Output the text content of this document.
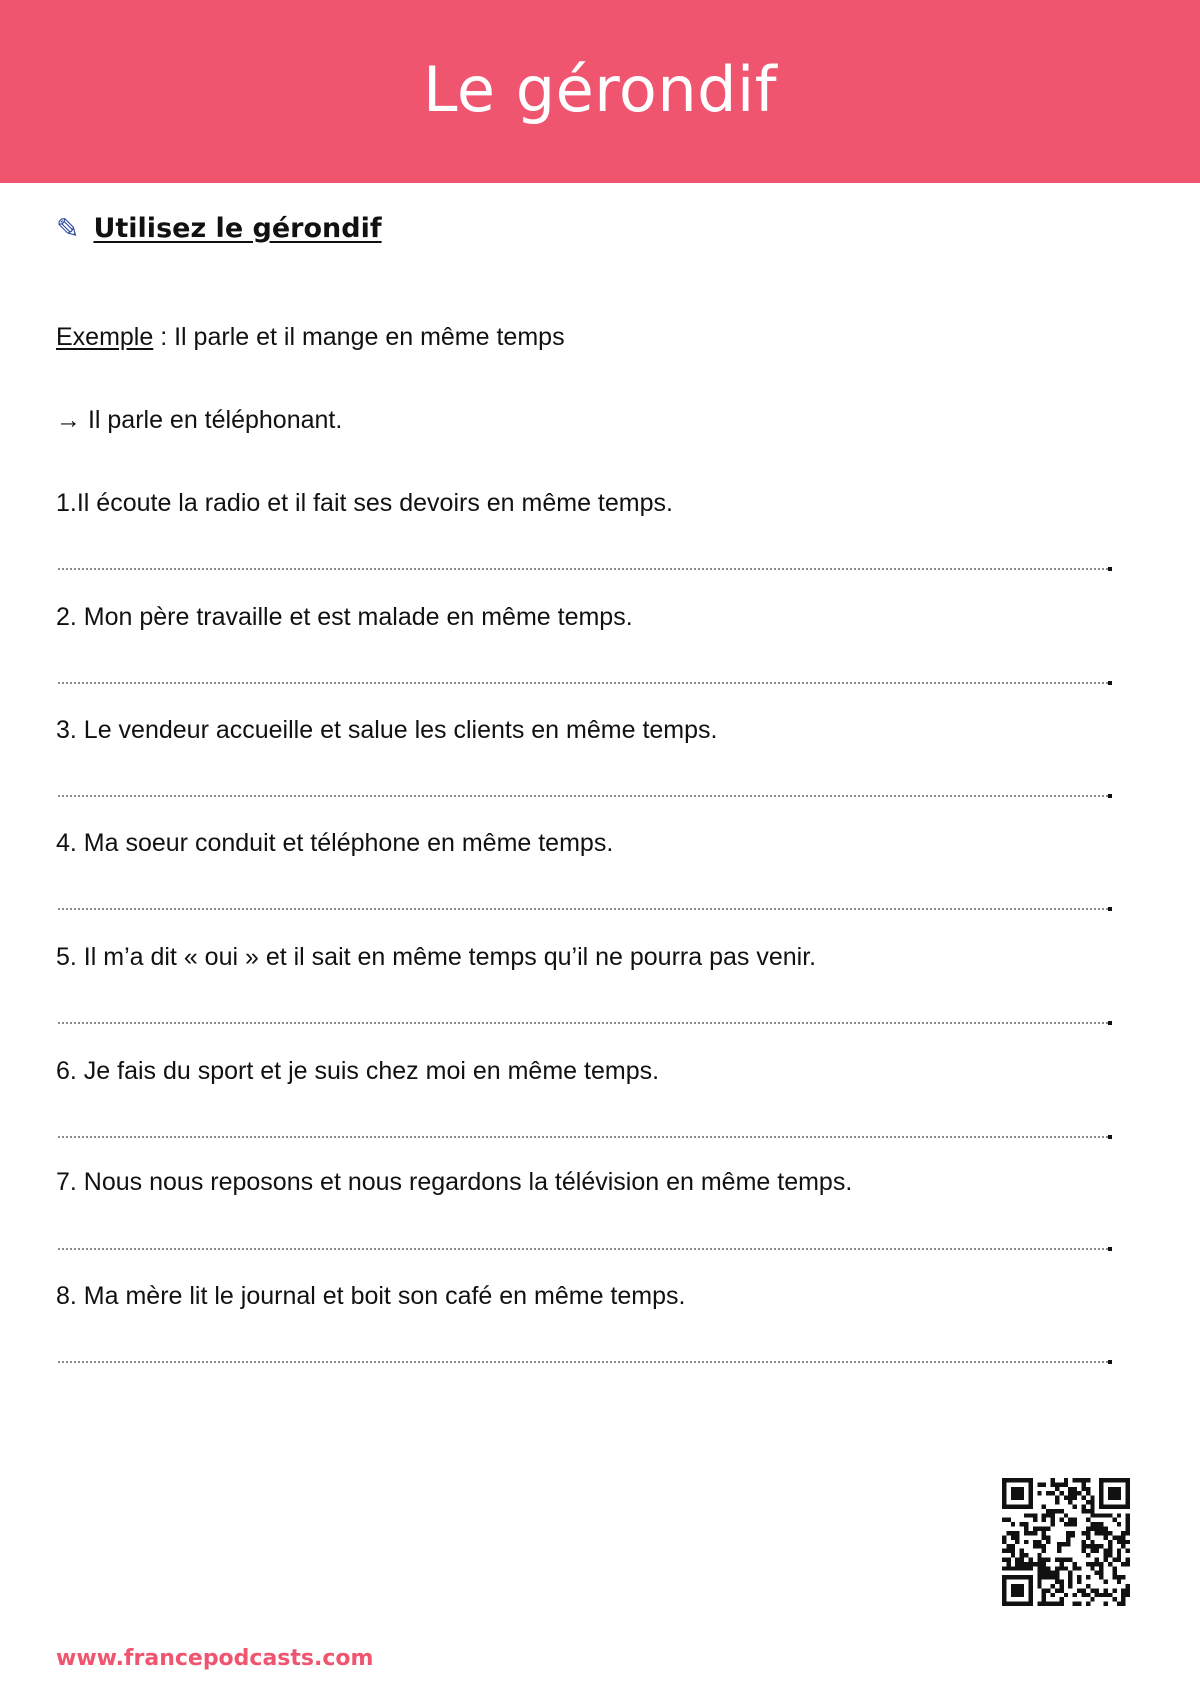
Le gérondif
✎ Utilisez le gérondif
Exemple : Il parle et il mange en même temps
→ Il parle en téléphonant.
1.Il écoute la radio et il fait ses devoirs en même temps.
2. Mon père travaille et est malade en même temps.
3. Le vendeur accueille et salue les clients en même temps.
4. Ma soeur conduit et téléphone en même temps.
5. Il m’a dit « oui » et il sait en même temps qu’il ne pourra pas venir.
6. Je fais du sport et je suis chez moi en même temps.
7. Nous nous reposons et nous regardons la télévision en même temps.
8. Ma mère lit le journal et boit son café en même temps.
www.francepodcasts.com
